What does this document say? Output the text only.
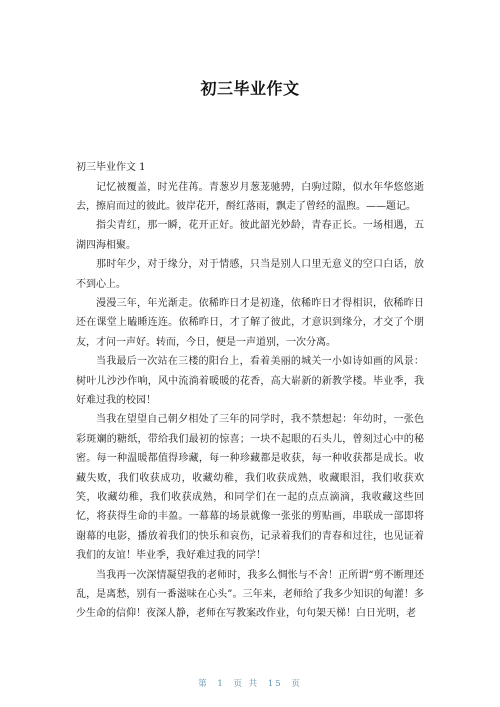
初三毕业作文

初三毕业作文 1

记忆被覆盖，时光荏苒。青葱岁月葱茏驰骋，白驹过隙，似水年华悠悠逝去，擦肩而过的彼此。彼岸花开，酹红落雨，飘走了曾经的温煦。——题记。

指尖青红，那一瞬，花开正好。彼此韶光妙龄，青春正长。一场相遇，五湖四海相聚。

那时年少，对于缘分，对于情感，只当是别人口里无意义的空口白话，放不到心上。

漫漫三年，年光渐走。依稀昨日才是初逢，依稀昨日才得相识，依稀昨日还在课堂上瞌睡连连。依稀昨日，才了解了彼此，才意识到缘分，才交了个朋友，才问一声好。转而，今日，便是一声道别，一次分离。

当我最后一次站在三楼的阳台上，看着美丽的城关一小如诗如画的风景：树叶儿沙沙作响，风中流淌着暖暖的花香，高大崭新的新教学楼。毕业季，我好难过我的校园！

当我在望望自己朝夕相处了三年的同学时，我不禁想起：年幼时，一张色彩斑斓的糖纸，带给我们最初的惊喜；一块不起眼的石头儿，曾刻过心中的秘密。每一种温暖都值得珍藏，每一种珍藏都是收获，每一种收获都是成长。收藏失败，我们收获成功，收藏幼稚，我们收获成熟，收藏眼泪，我们收获欢笑，收藏幼稚，我们收获成熟，和同学们在一起的点点滴滴，我收藏这些回忆，将获得生命的丰盈。一幕幕的场景就像一张张的剪贴画，串联成一部即将谢幕的电影，播放着我们的快乐和哀伤，记录着我们的青春和过往，也见证着我们的友谊！毕业季，我好难过我的同学！

当我再一次深情凝望我的老师时，我多么惆怅与不舍！正所谓“剪不断理还乱，是离愁，别有一番滋味在心头”。三年来，老师给了我多少知识的甸灌！多少生命的信仰！夜深人静，老师在写教案改作业，句句架天梯！白日光明，老

第 1 页 共 15 页
